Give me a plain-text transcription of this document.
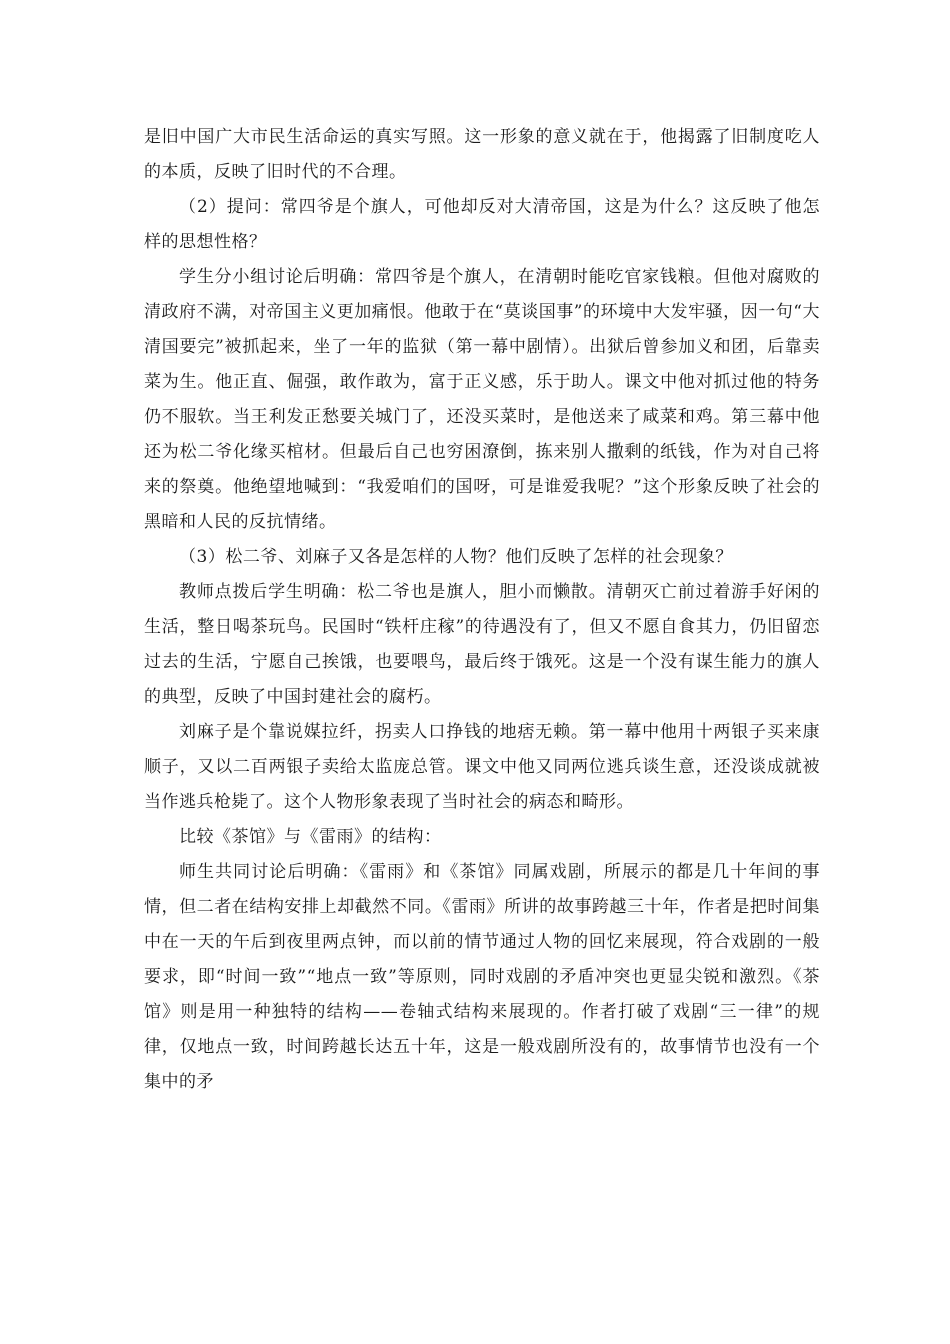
是旧中国广大市民生活命运的真实写照。这一形象的意义就在于，他揭露了旧制度吃人的本质，反映了旧时代的不合理。

（2）提问：常四爷是个旗人，可他却反对大清帝国，这是为什么？这反映了他怎样的思想性格？

学生分小组讨论后明确：常四爷是个旗人，在清朝时能吃官家钱粮。但他对腐败的清政府不满，对帝国主义更加痛恨。他敢于在“莫谈国事”的环境中大发牢骚，因一句“大清国要完”被抓起来，坐了一年的监狱（第一幕中剧情）。出狱后曾参加义和团，后靠卖菜为生。他正直、倔强，敢作敢为，富于正义感，乐于助人。课文中他对抓过他的特务仍不服软。当王利发正愁要关城门了，还没买菜时，是他送来了咸菜和鸡。第三幕中他还为松二爷化缘买棺材。但最后自己也穷困潦倒，拣来别人撒剩的纸钱，作为对自己将来的祭奠。他绝望地喊到：“我爱咱们的国呀，可是谁爱我呢？”这个形象反映了社会的黑暗和人民的反抗情绪。

（3）松二爷、刘麻子又各是怎样的人物？他们反映了怎样的社会现象？

教师点拨后学生明确：松二爷也是旗人，胆小而懒散。清朝灭亡前过着游手好闲的生活，整日喝茶玩鸟。民国时“铁杆庄稼”的待遇没有了，但又不愿自食其力，仍旧留恋过去的生活，宁愿自己挨饿，也要喂鸟，最后终于饿死。这是一个没有谋生能力的旗人的典型，反映了中国封建社会的腐朽。

刘麻子是个靠说媒拉纤，拐卖人口挣钱的地痞无赖。第一幕中他用十两银子买来康顺子，又以二百两银子卖给太监庞总管。课文中他又同两位逃兵谈生意，还没谈成就被当作逃兵枪毙了。这个人物形象表现了当时社会的病态和畸形。

比较《茶馆》与《雷雨》的结构：

师生共同讨论后明确：《雷雨》和《茶馆》同属戏剧，所展示的都是几十年间的事情，但二者在结构安排上却截然不同。《雷雨》所讲的故事跨越三十年，作者是把时间集中在一天的午后到夜里两点钟，而以前的情节通过人物的回忆来展现，符合戏剧的一般要求，即“时间一致”“地点一致”等原则，同时戏剧的矛盾冲突也更显尖锐和激烈。《茶馆》则是用一种独特的结构——卷轴式结构来展现的。作者打破了戏剧“三一律”的规律，仅地点一致，时间跨越长达五十年，这是一般戏剧所没有的，故事情节也没有一个集中的矛
